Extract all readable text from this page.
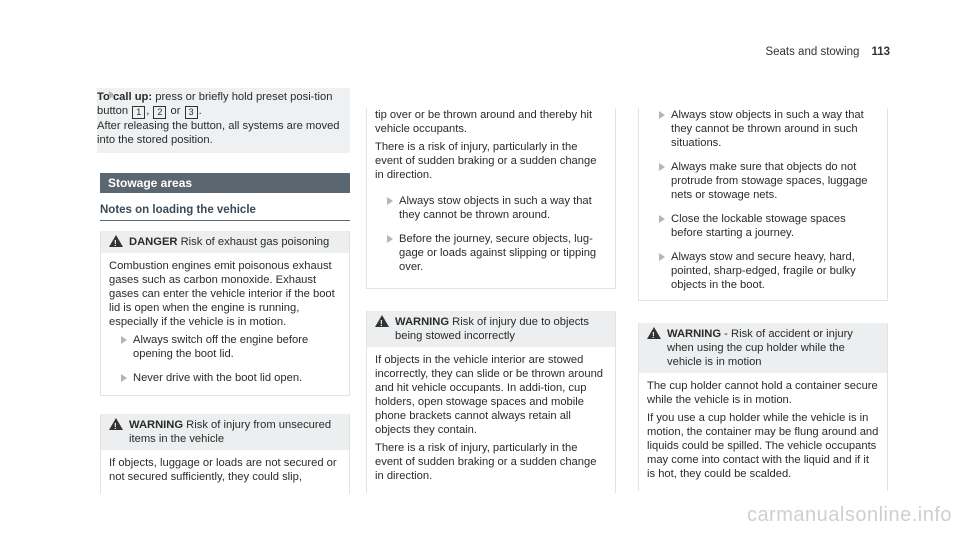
Seats and stowing 113
To call up: press or briefly hold preset posi-tion button 1 , 2 or 3 .
After releasing the button, all systems are moved into the stored position.
Stowage areas
Notes on loading the vehicle
!
DANGER Risk of exhaust gas poisoning

Combustion engines emit poisonous exhaust gases such as carbon monoxide. Exhaust gases can enter the vehicle interior if the boot lid is open when the engine is running, especially if the vehicle is in motion.

Always switch off the engine before opening the boot lid.
Never drive with the boot lid open.
!
WARNING Risk of injury from unsecured items in the vehicle

If objects, luggage or loads are not secured or not secured sufficiently, they could slip,

tip over or be thrown around and thereby hit vehicle occupants.

There is a risk of injury, particularly in the event of sudden braking or a sudden change in direction.

Always stow objects in such a way that they cannot be thrown around.
Before the journey, secure objects, lug-gage or loads against slipping or tipping over.
!
WARNING Risk of injury due to objects being stowed incorrectly

If objects in the vehicle interior are stowed incorrectly, they can slide or be thrown around and hit vehicle occupants. In addi-tion, cup holders, open stowage spaces and mobile phone brackets cannot always retain all objects they contain.

There is a risk of injury, particularly in the event of sudden braking or a sudden change in direction.

Always stow objects in such a way that they cannot be thrown around in such situations.
Always make sure that objects do not protrude from stowage spaces, luggage nets or stowage nets.
Close the lockable stowage spaces before starting a journey.
Always stow and secure heavy, hard, pointed, sharp-edged, fragile or bulky objects in the boot.
!
WARNING - Risk of accident or injury when using the cup holder while the vehicle is in motion

The cup holder cannot hold a container secure while the vehicle is in motion.

If you use a cup holder while the vehicle is in motion, the container may be flung around and liquids could be spilled. The vehicle occupants may come into contact with the liquid and if it is hot, they could be scalded.

carmanualsonline.info
